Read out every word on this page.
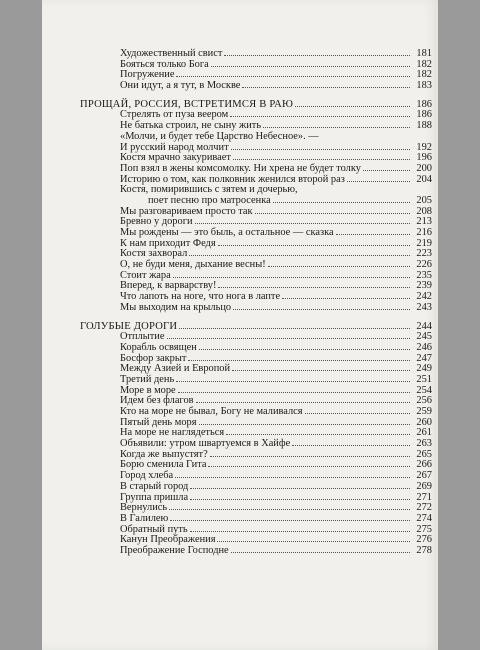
Художественный свист	181
Бояться только Бога	182
Погружение	182
Они идут, а я тут, в Москве	183
ПРОЩАЙ, РОССИЯ, ВСТРЕТИМСЯ В РАЮ	186
Стрелять от пуза веером	186
Не батька строил, не сыну жить	188
«Молчи, и будет тебе Царство Небесное». —
И русский народ молчит	192
Костя мрачно закуривает	196
Поп взял в жены комсомолку. Ни хрена не будет толку	200
Историю о том, как полковник женился второй раз	204
Костя, помирившись с зятем и дочерью,
поет песню про матросенка	205
Мы разговариваем просто так	208
Бревно у дороги	213
Мы рождены — это быль, а остальное — сказка	216
К нам приходит Федя	219
Костя захворал	223
О, не буди меня, дыхание весны!	226
Стоит жара	235
Вперед, к варварству!	239
Что лапоть на ноге, что нога в лапте	242
Мы выходим на крыльцо	243
ГОЛУБЫЕ ДОРОГИ	244
Отплытие	245
Корабль освящен	246
Босфор закрыт	247
Между Азией и Европой	249
Третий день	251
Море в море	254
Идем без флагов	256
Кто на море не бывал, Богу не маливался	259
Пятый день моря	260
На море не наглядеться	261
Объявили: утром швартуемся в Хайфе	263
Когда же выпустят?	265
Борю сменила Гита	266
Город хлеба	267
В старый город	269
Группа пришла	271
Вернулись	272
В Галилею	274
Обратный путь	275
Канун Преображения	276
Преображение Господне	278
